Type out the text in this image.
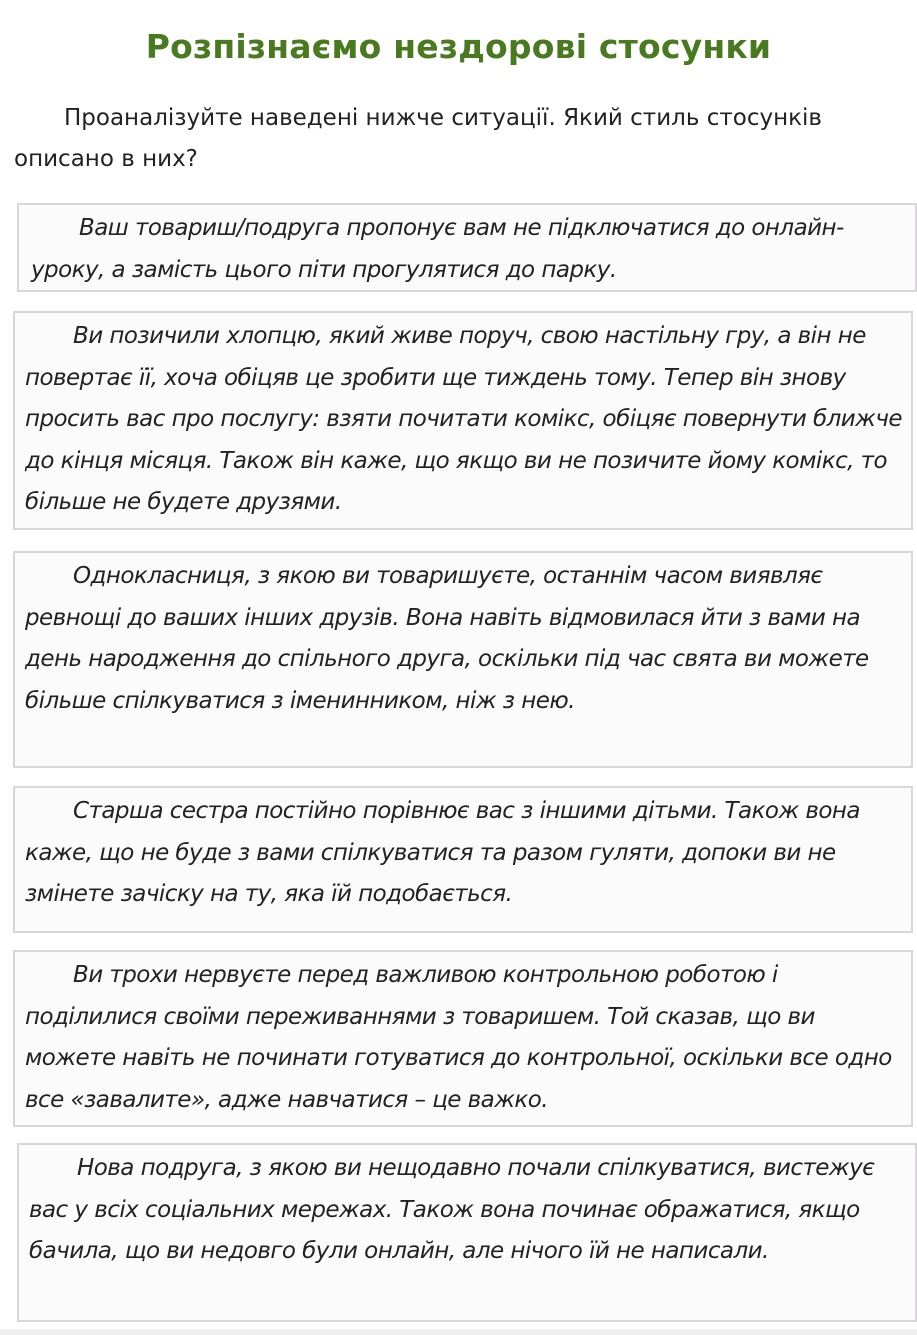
Розпізнаємо нездорові стосунки
Проаналізуйте наведені нижче ситуації. Який стиль стосунків описано в них?
Ваш товариш/подруга пропонує вам не підключатися до онлайн-уроку, а замість цього піти прогулятися до парку.
Ви позичили хлопцю, який живе поруч, свою настільну гру, а він не повертає її, хоча обіцяв це зробити ще тиждень тому. Тепер він знову просить вас про послугу: взяти почитати комікс, обіцяє повернути ближче до кінця місяця. Також він каже, що якщо ви не позичите йому комікс, то більше не будете друзями.
Однокласниця, з якою ви товаришуєте, останнім часом виявляє ревнощі до ваших інших друзів. Вона навіть відмовилася йти з вами на день народження до спільного друга, оскільки під час свята ви можете більше спілкуватися з іменинником, ніж з нею.
Старша сестра постійно порівнює вас з іншими дітьми. Також вона каже, що не буде з вами спілкуватися та разом гуляти, допоки ви не змінете зачіску на ту, яка їй подобається.
Ви трохи нервуєте перед важливою контрольною роботою і поділилися своїми переживаннями з товаришем. Той сказав, що ви можете навіть не починати готуватися до контрольної, оскільки все одно все «завалите», адже навчатися – це важко.
Нова подруга, з якою ви нещодавно почали спілкуватися, вистежує вас у всіх соціальних мережах. Також вона починає ображатися, якщо бачила, що ви недовго були онлайн, але нічого їй не написали.
